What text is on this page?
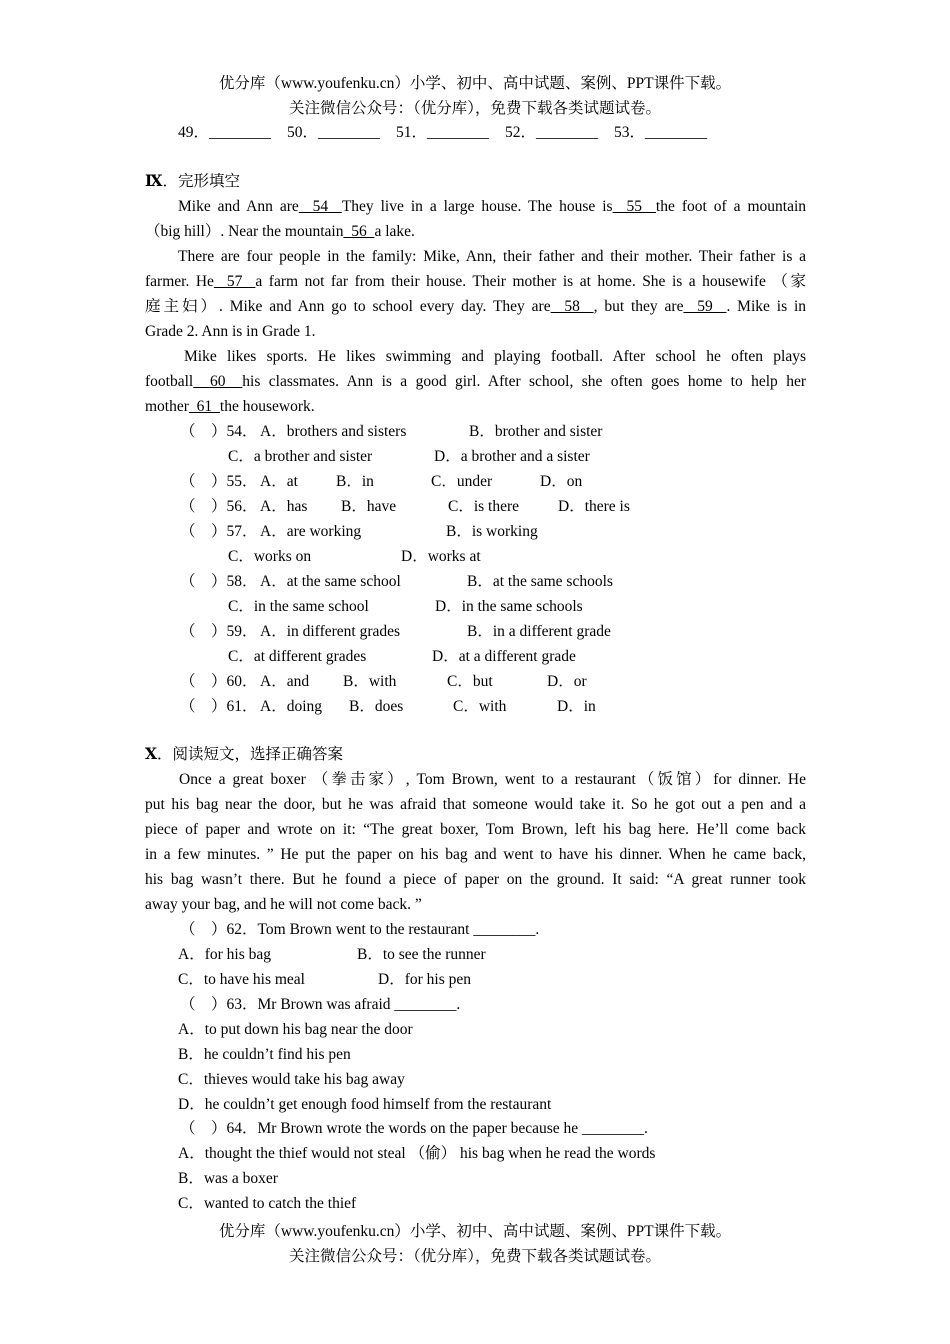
优分库（www.youfenku.cn）小学、初中、高中试题、案例、PPT课件下载。
关注微信公众号：（优分库），免费下载各类试题试卷。
49．________ 50．________ 51．________ 52．________ 53．________
Ⅸ．完形填空
Mike and Ann are  54  They live in a large house. The house is  55  the foot of a mountain
（big hill）. Near the mountain  56  a lake.
There are four people in the family: Mike, Ann, their father and their mother. Their father is a
farmer. He  57  a farm not far from their house. Their mother is at home. She is a housewife （家
庭主妇）. Mike and Ann go to school every day. They are  58  , but they are  59  . Mike is in
Grade 2. Ann is in Grade 1.
Mike likes sports. He likes swimming and playing football. After school he often plays
football  60  his classmates. Ann is a good girl. After school, she often goes home to help her
mother  61  the housework.
（　）54． A．brothers and sisters	B．brother and sister
C．a brother and sister	D．a brother and a sister
（　）55． A．at B．in	C．under	D．on
（　）56． A．has B．have	C．is there	D．there is
（　）57． A．are working	B．is working
C．works on	D．works at
（　）58． A．at the same school	B．at the same schools
C．in the same school	D．in the same schools
（　）59． A．in different grades	B．in a different grade
C．at different grades	D．at a different grade
（　）60． A．and B．with	C．but	D．or
（　）61． A．doing B．does	C．with	D．in
Ⅹ．阅读短文，选择正确答案
Once a great boxer （拳击家）, Tom Brown, went to a restaurant（饭馆）for dinner. He
put his bag near the door, but he was afraid that someone would take it. So he got out a pen and a
piece of paper and wrote on it: “The great boxer, Tom Brown, left his bag here. He’ll come back
in a few minutes. ” He put the paper on his bag and went to have his dinner. When he came back,
his bag wasn’t there. But he found a piece of paper on the ground. It said: “A great runner took
away your bag, and he will not come back. ”
（　）62．Tom Brown went to the restaurant ________.
A．for his bag	B．to see the runner
C．to have his meal	D．for his pen
（　）63．Mr Brown was afraid ________.
A．to put down his bag near the door
B．he couldn’t find his pen
C．thieves would take his bag away
D．he couldn’t get enough food himself from the restaurant
（　）64．Mr Brown wrote the words on the paper because he ________.
A．thought the thief would not steal （偷） his bag when he read the words
B．was a boxer
C．wanted to catch the thief
优分库（www.youfenku.cn）小学、初中、高中试题、案例、PPT课件下载。
关注微信公众号：（优分库），免费下载各类试题试卷。
